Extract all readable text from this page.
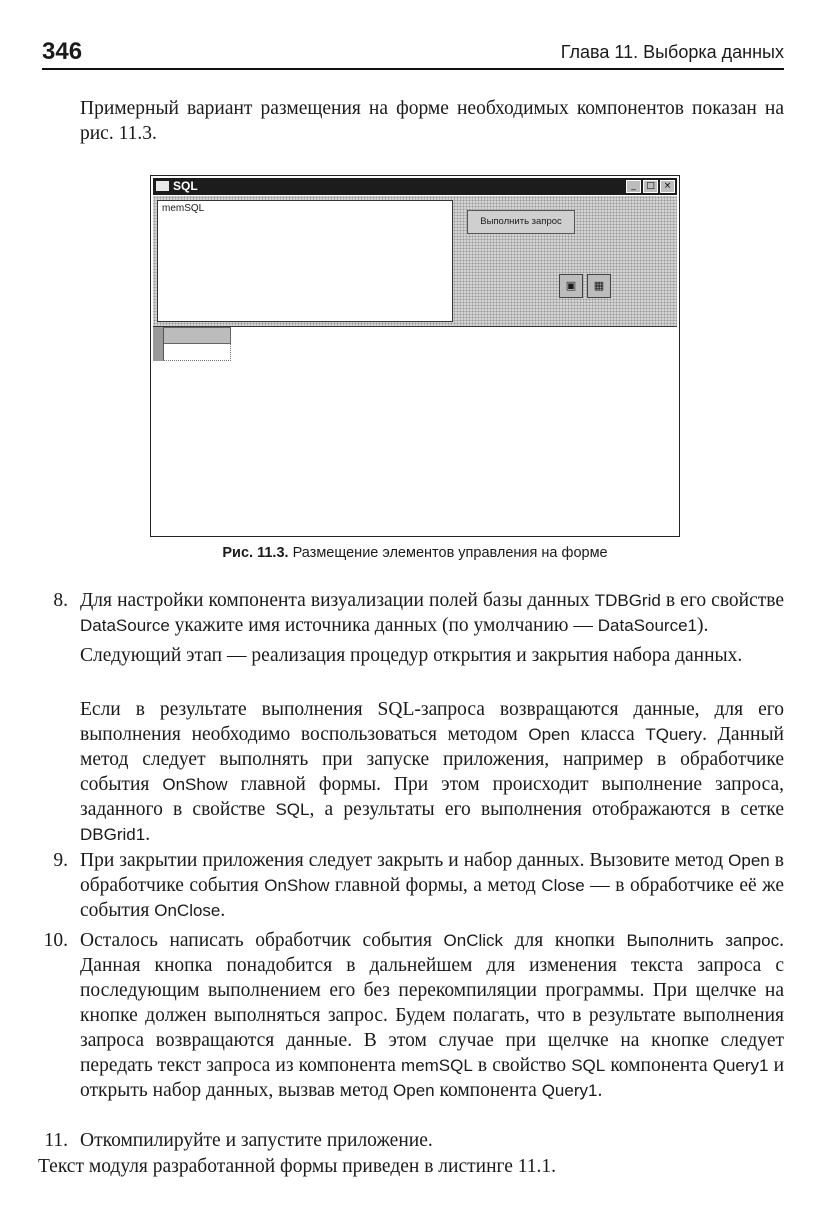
346	Глава 11. Выборка данных
Примерный вариант размещения на форме необходимых компонентов показан на рис. 11.3.
SQL	_	□ ×
memSQL
Выполнить запрос
▣	▦
Рис. 11.3. Размещение элементов управления на форме
8. Для настройки компонента визуализации полей базы данных TDBGrid в его свойстве DataSource укажите имя источника данных (по умолчанию — DataSource1).
Следующий этап — реализация процедур открытия и закрытия набора данных.
Если в результате выполнения SQL-запроса возвращаются данные, для его выполнения необходимо воспользоваться методом Open класса TQuery. Данный метод следует выполнять при запуске приложения, например в обработчике события OnShow главной формы. При этом происходит выполнение запроса, заданного в свойстве SQL, а результаты его выполнения отображаются в сетке DBGrid1.
9. При закрытии приложения следует закрыть и набор данных. Вызовите метод Open в обработчике события OnShow главной формы, а метод Close — в обработчике её же события OnClose.
10. Осталось написать обработчик события OnClick для кнопки Выполнить запрос. Данная кнопка понадобится в дальнейшем для изменения текста запроса с последующим выполнением его без перекомпиляции программы. При щелчке на кнопке должен выполняться запрос. Будем полагать, что в результате выполнения запроса возвращаются данные. В этом случае при щелчке на кнопке следует передать текст запроса из компонента memSQL в свойство SQL компонента Query1 и открыть набор данных, вызвав метод Open компонента Query1.
11. Откомпилируйте и запустите приложение.
Текст модуля разработанной формы приведен в листинге 11.1.
